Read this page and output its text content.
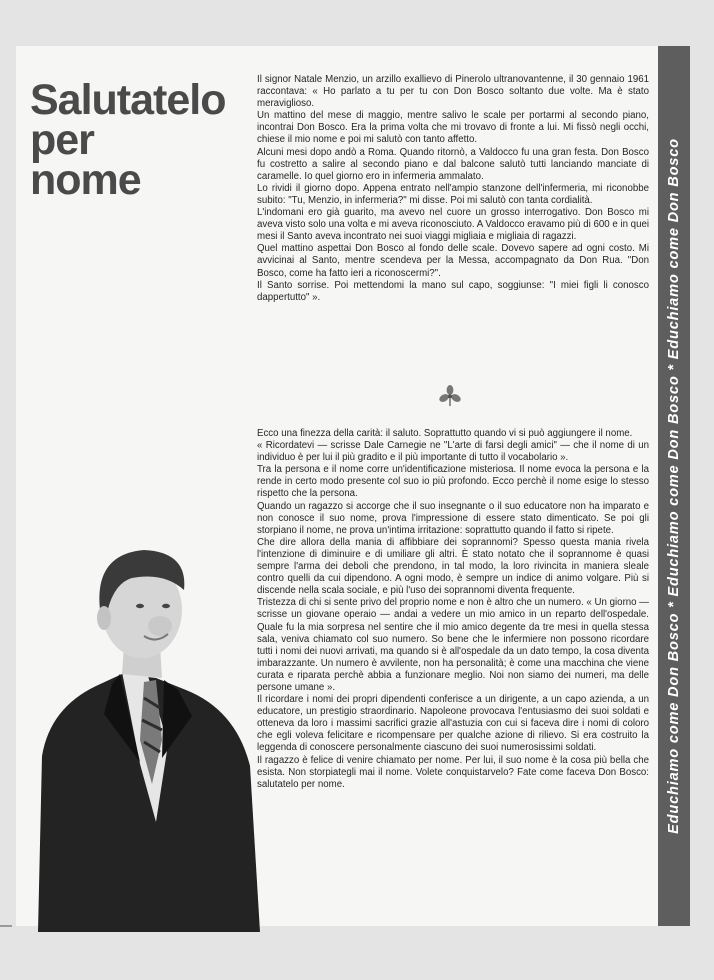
Salutatelo
per
nome

Il signor Natale Menzio, un arzillo exallievo di Pinerolo ultranovantenne, il 30 gennaio 1961 raccontava: « Ho parlato a tu per tu con Don Bosco soltanto due volte. Ma è stato meraviglioso.

Un mattino del mese di maggio, mentre salivo le scale per portarmi al secondo piano, incontrai Don Bosco. Era la prima volta che mi trovavo di fronte a lui. Mi fissò negli occhi, chiese il mio nome e poi mi salutò con tanto affetto.

Alcuni mesi dopo andò a Roma. Quando ritornò, a Valdocco fu una gran festa. Don Bosco fu costretto a salire al secondo piano e dal balcone salutò tutti lanciando manciate di caramelle. Io quel giorno ero in infermeria ammalato.

Lo rividi il giorno dopo. Appena entrato nell'ampio stanzone dell'infermeria, mi riconobbe subito: "Tu, Menzio, in infermeria?" mi disse. Poi mi salutò con tanta cordialità.

L'indomani ero già guarito, ma avevo nel cuore un grosso interrogativo. Don Bosco mi aveva visto solo una volta e mi aveva riconosciuto. A Valdocco eravamo più di 600 e in quei mesi il Santo aveva incontrato nei suoi viaggi migliaia e migliaia di ragazzi.

Quel mattino aspettai Don Bosco al fondo delle scale. Dovevo sapere ad ogni costo. Mi avvicinai al Santo, mentre scendeva per la Messa, accompagnato da Don Rua. "Don Bosco, come ha fatto ieri a riconoscermi?".

Il Santo sorrise. Poi mettendomi la mano sul capo, soggiunse: "I miei figli li conosco dappertutto" ».

Ecco una finezza della carità: il saluto. Soprattutto quando vi si può aggiungere il nome.

« Ricordatevi — scrisse Dale Carnegie ne "L'arte di farsi degli amici" — che il nome di un individuo è per lui il più gradito e il più importante di tutto il vocabolario ».

Tra la persona e il nome corre un'identificazione misteriosa. Il nome evoca la persona e la rende in certo modo presente col suo io più profondo. Ecco perchè il nome esige lo stesso rispetto che la persona.

Quando un ragazzo si accorge che il suo insegnante o il suo educatore non ha imparato e non conosce il suo nome, prova l'impressione di essere stato dimenticato. Se poi gli storpiano il nome, ne prova un'intima irritazione: soprattutto quando il fatto si ripete.

Che dire allora della mania di affibbiare dei soprannomi? Spesso questa mania rivela l'intenzione di diminuire e di umiliare gli altri. È stato notato che il soprannome è quasi sempre l'arma dei deboli che prendono, in tal modo, la loro rivincita in maniera sleale contro quelli da cui dipendono. A ogni modo, è sempre un indice di animo volgare. Più si discende nella scala sociale, e più l'uso dei soprannomi diventa frequente.

Tristezza di chi si sente privo del proprio nome e non è altro che un numero. « Un giorno — scrisse un giovane operaio — andai a vedere un mio amico in un reparto dell'ospedale. Quale fu la mia sorpresa nel sentire che il mio amico degente da tre mesi in quella stessa sala, veniva chiamato col suo numero. So bene che le infermiere non possono ricordare tutti i nomi dei nuovi arrivati, ma quando si è all'ospedale da un dato tempo, la cosa diventa imbarazzante. Un numero è avvilente, non ha personalità; è come una macchina che viene curata e riparata perchè abbia a funzionare meglio. Noi non siamo dei numeri, ma delle persone umane ».

Il ricordare i nomi dei propri dipendenti conferisce a un dirigente, a un capo azienda, a un educatore, un prestigio straordinario. Napoleone provocava l'entusiasmo dei suoi soldati e otteneva da loro i massimi sacrifici grazie all'astuzia con cui si faceva dire i nomi di coloro che egli voleva felicitare e ricompensare per qualche azione di rilievo. Si era costruito la leggenda di conoscere personalmente ciascuno dei suoi numerosissimi soldati.

Il ragazzo è felice di venire chiamato per nome. Per lui, il suo nome è la cosa più bella che esista. Non storpiategli mai il nome. Volete conquistarvelo? Fate come faceva Don Bosco: salutatelo per nome.	Educhiamo come Don Bosco * Educhiamo come Don Bosco * Educhiamo come Don Bosco
